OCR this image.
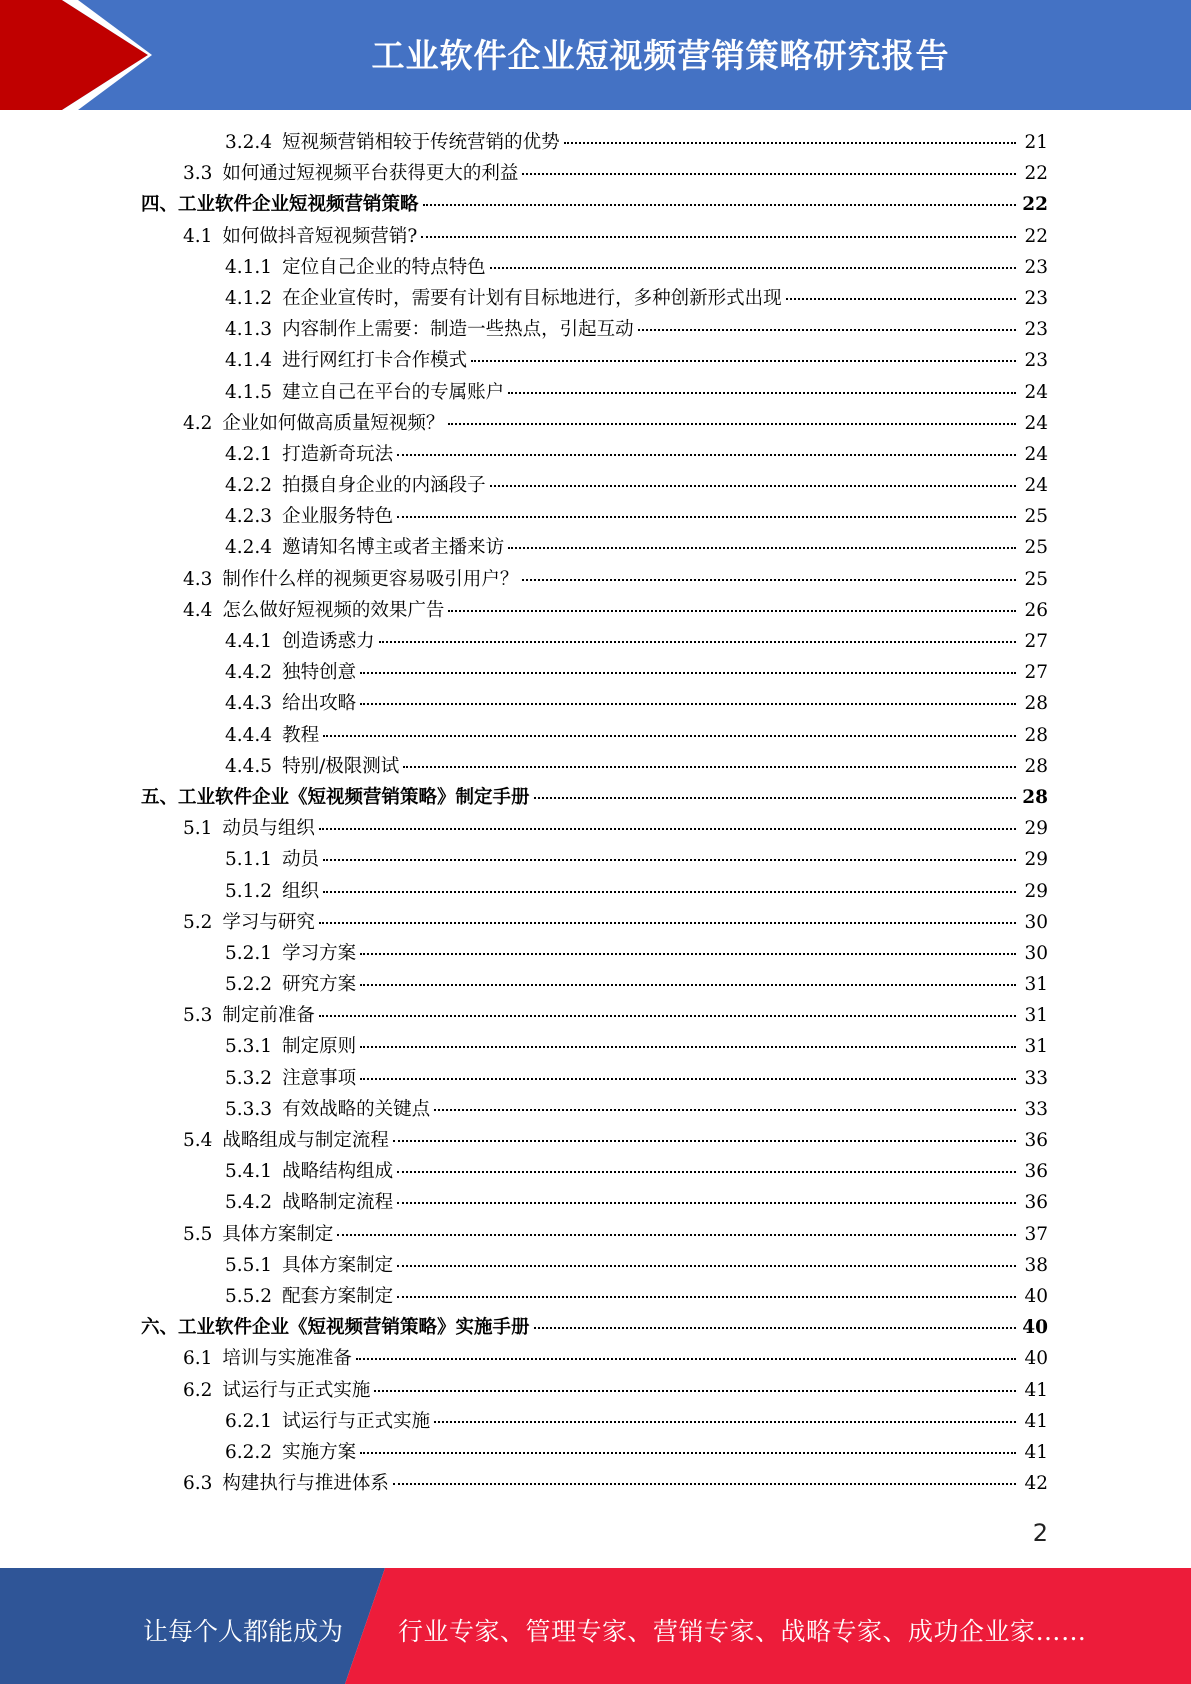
工业软件企业短视频营销策略研究报告
3.2.4 短视频营销相较于传统营销的优势	21
3.3 如何通过短视频平台获得更大的利益	22
四、工业软件企业短视频营销策略	22
4.1 如何做抖音短视频营销?	22
4.1.1 定位自己企业的特点特色	23
4.1.2 在企业宣传时，需要有计划有目标地进行，多种创新形式出现	23
4.1.3 内容制作上需要：制造一些热点，引起互动	23
4.1.4 进行网红打卡合作模式	23
4.1.5 建立自己在平台的专属账户	24
4.2 企业如何做高质量短视频？	24
4.2.1 打造新奇玩法	24
4.2.2 拍摄自身企业的内涵段子	24
4.2.3 企业服务特色	25
4.2.4 邀请知名博主或者主播来访	25
4.3 制作什么样的视频更容易吸引用户？	25
4.4 怎么做好短视频的效果广告	26
4.4.1 创造诱惑力	27
4.4.2 独特创意	27
4.4.3 给出攻略	28
4.4.4 教程	28
4.4.5 特别/极限测试	28
五、工业软件企业《短视频营销策略》制定手册	28
5.1 动员与组织	29
5.1.1 动员	29
5.1.2 组织	29
5.2 学习与研究	30
5.2.1 学习方案	30
5.2.2 研究方案	31
5.3 制定前准备	31
5.3.1 制定原则	31
5.3.2 注意事项	33
5.3.3 有效战略的关键点	33
5.4 战略组成与制定流程	36
5.4.1 战略结构组成	36
5.4.2 战略制定流程	36
5.5 具体方案制定	37
5.5.1 具体方案制定	38
5.5.2 配套方案制定	40
六、工业软件企业《短视频营销策略》实施手册	40
6.1 培训与实施准备	40
6.2 试运行与正式实施	41
6.2.1 试运行与正式实施	41
6.2.2 实施方案	41
6.3 构建执行与推进体系	42
2
让每个人都能成为 行业专家、管理专家、营销专家、战略专家、成功企业家……
